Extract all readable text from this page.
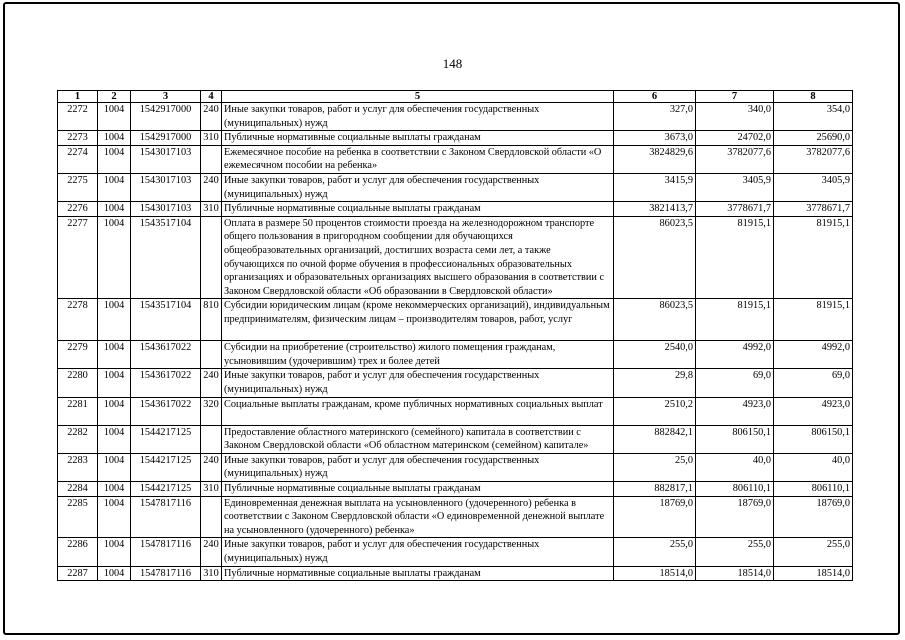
148
1	2	3	4	5	6	7	8
2272	1004	1542917000	240	Иные закупки товаров, работ и услуг для обеспечения государственных (муниципальных) нужд	327,0	340,0	354,0
2273	1004	1542917000	310	Публичные нормативные социальные выплаты гражданам	3673,0	24702,0	25690,0
2274	1004	1543017103		Ежемесячное пособие на ребенка в соответствии с Законом Свердловской области «О ежемесячном пособии на ребенка»	3824829,6	3782077,6	3782077,6
2275	1004	1543017103	240	Иные закупки товаров, работ и услуг для обеспечения государственных (муниципальных) нужд	3415,9	3405,9	3405,9
2276	1004	1543017103	310	Публичные нормативные социальные выплаты гражданам	3821413,7	3778671,7	3778671,7
2277	1004	1543517104		Оплата в размере 50 процентов стоимости проезда на железнодорожном транспорте общего пользования в пригородном сообщении для обучающихся общеобразовательных организаций, достигших возраста семи лет, а также обучающихся по очной форме обучения в профессиональных образовательных организациях и образовательных организациях высшего образования в соответствии с Законом Свердловской области «Об образовании в Свердловской области»	86023,5	81915,1	81915,1
2278	1004	1543517104	810	Субсидии юридическим лицам (кроме некоммерческих организаций), индивидуальным предпринимателям, физическим лицам – производителям товаров, работ, услуг	86023,5	81915,1	81915,1
2279	1004	1543617022		Субсидии на приобретение (строительство) жилого помещения гражданам, усыновившим (удочерившим) трех и более детей	2540,0	4992,0	4992,0
2280	1004	1543617022	240	Иные закупки товаров, работ и услуг для обеспечения государственных (муниципальных) нужд	29,8	69,0	69,0
2281	1004	1543617022	320	Социальные выплаты гражданам, кроме публичных нормативных социальных выплат	2510,2	4923,0	4923,0
2282	1004	1544217125		Предоставление областного материнского (семейного) капитала в соответствии с Законом Свердловской области «Об областном материнском (семейном) капитале»	882842,1	806150,1	806150,1
2283	1004	1544217125	240	Иные закупки товаров, работ и услуг для обеспечения государственных (муниципальных) нужд	25,0	40,0	40,0
2284	1004	1544217125	310	Публичные нормативные социальные выплаты гражданам	882817,1	806110,1	806110,1
2285	1004	1547817116		Единовременная денежная выплата на усыновленного (удочеренного) ребенка в соответствии с Законом Свердловской области «О единовременной денежной выплате на усыновленного (удочеренного) ребенка»	18769,0	18769,0	18769,0
2286	1004	1547817116	240	Иные закупки товаров, работ и услуг для обеспечения государственных (муниципальных) нужд	255,0	255,0	255,0
2287	1004	1547817116	310	Публичные нормативные социальные выплаты гражданам	18514,0	18514,0	18514,0
